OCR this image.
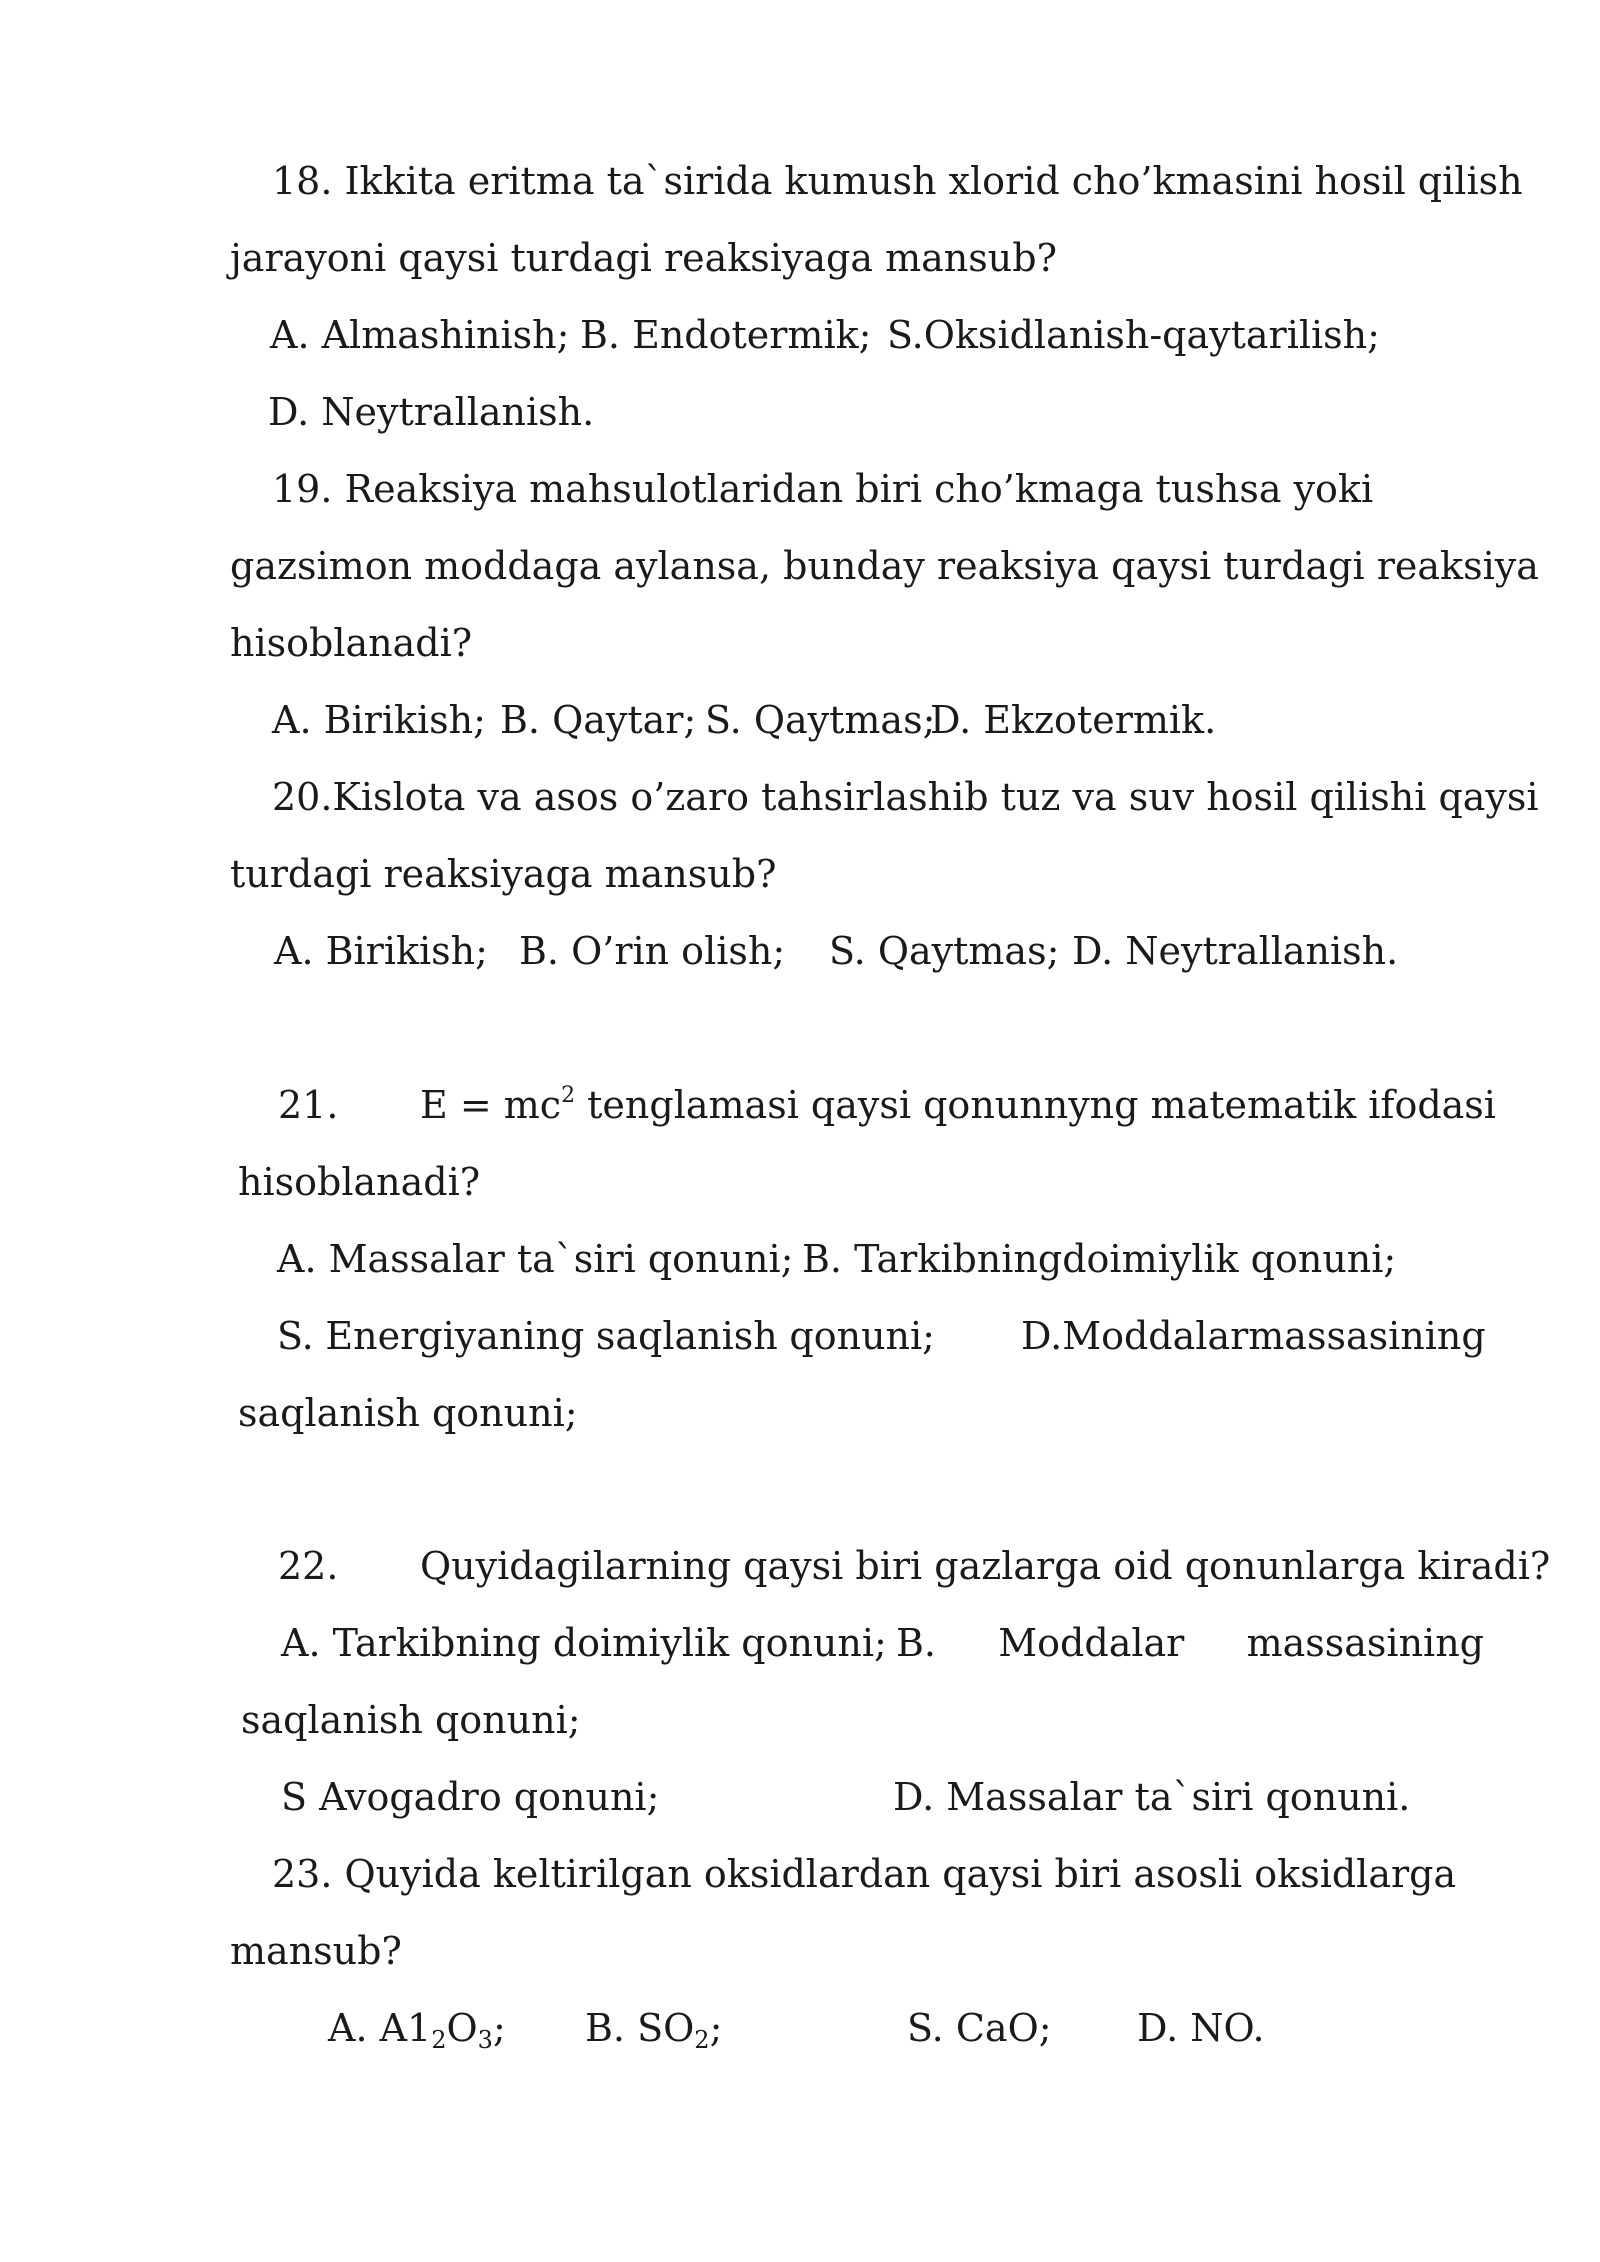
18. Ikkita eritma ta`sirida kumush xlorid cho’kmasini hosil qilish
jarayoni qaysi turdagi reaksiyaga mansub?
A. Almashinish; B. Endotermik; S.Oksidlanish-qaytarilish;
D. Neytrallanish.
19. Reaksiya mahsulotlaridan biri cho’kmaga tushsa yoki
gazsimon moddaga aylansa, bunday reaksiya qaysi turdagi reaksiya
hisoblanadi?
A. Birikish; B. Qaytar; S. Qaytmas;
D. Ekzotermik.
20.Kislota va asos o’zaro tahsirlashib tuz va suv hosil qilishi qaysi
turdagi reaksiyaga mansub?
A. Birikish; B. O’rin olish; S. Qaytmas; D. Neytrallanish.
21. $E = mc^2$ tenglamasi qaysi qonunnyng matematik ifodasi
hisoblanadi?
A. Massalar ta`siri qonuni; B. Tarkibningdoimiylik qonuni;
S. Energiyaning saqlanish qonuni; D.Moddalar massasining
saqlanish qonuni;
22. Quyidagilarning qaysi biri gazlarga oid qonunlarga kiradi?
A. Tarkibning doimiylik qonuni; B. Moddalar massasining
saqlanish qonuni;
S Avogadro qonuni;	D. Massalar ta`siri qonuni.
23. Quyida keltirilgan oksidlardan qaysi biri asosli oksidlarga
mansub?
A. $A1_2O_3$; B. $SO_2$;	S. CaO; D. NO.
